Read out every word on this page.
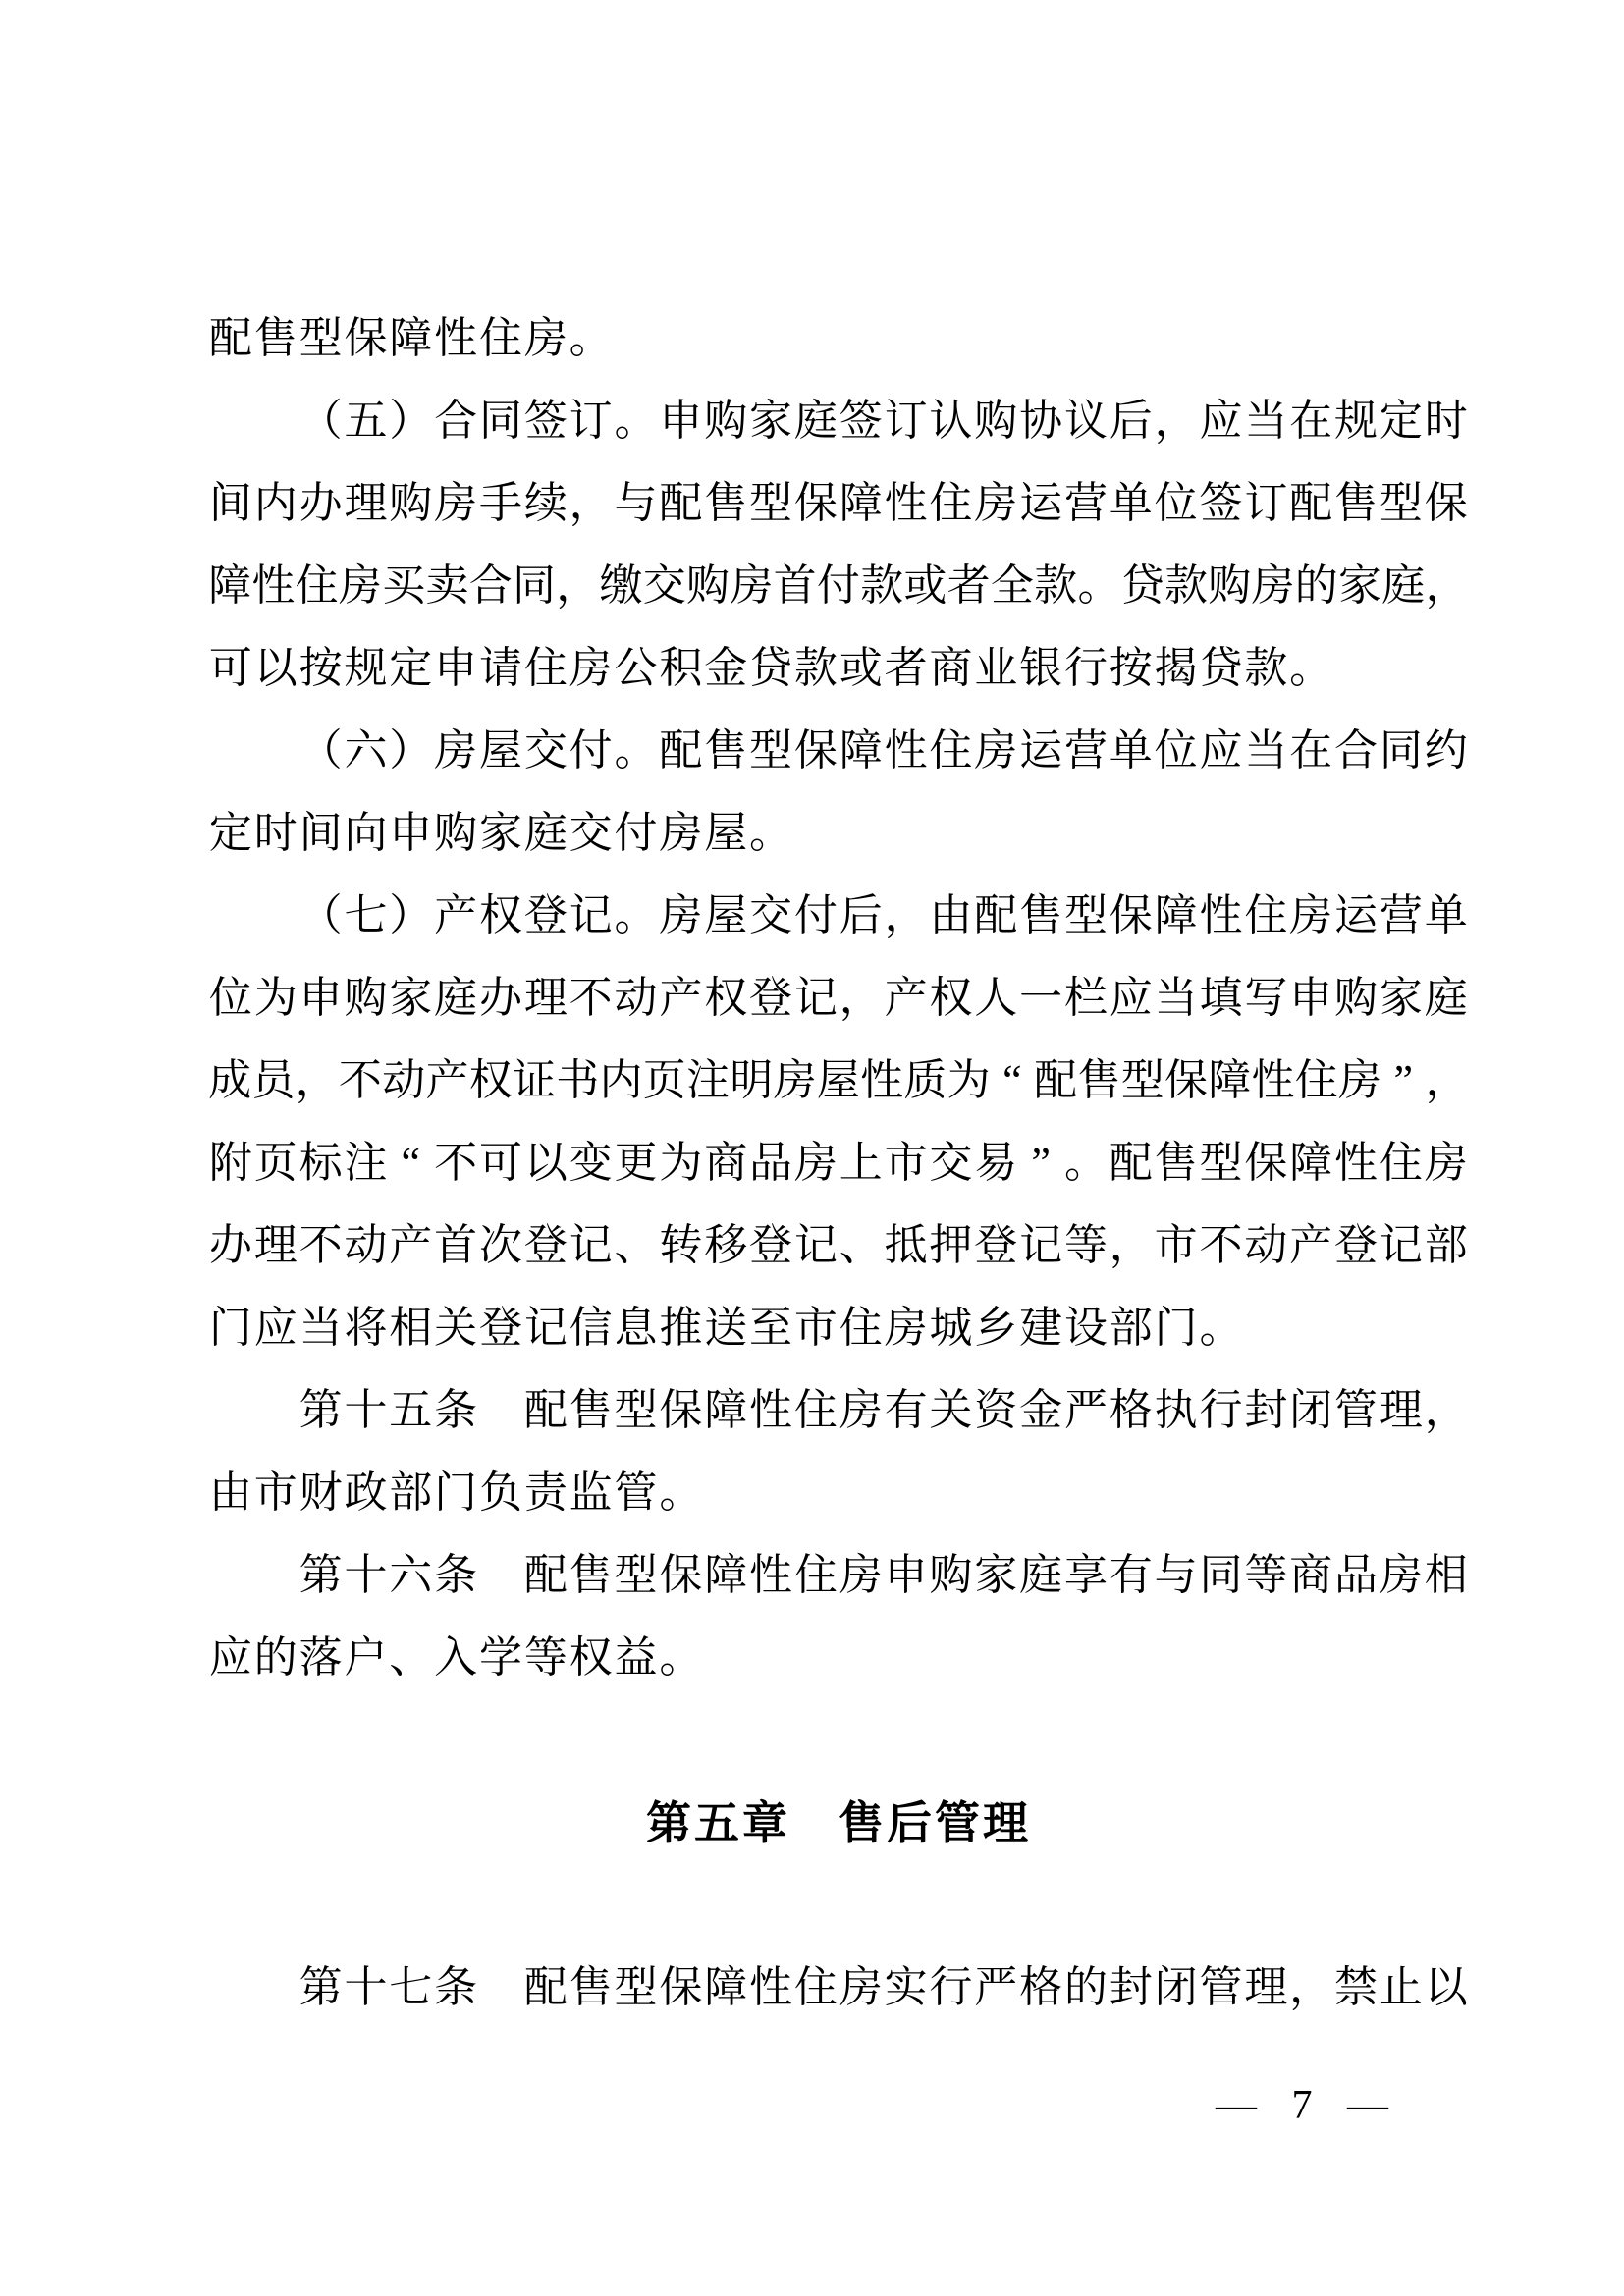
配售型保障性住房。
　　（五）合同签订。申购家庭签订认购协议后，应当在规定时
间内办理购房手续，与配售型保障性住房运营单位签订配售型保
障性住房买卖合同，缴交购房首付款或者全款。贷款购房的家庭，
可以按规定申请住房公积金贷款或者商业银行按揭贷款。
　　（六）房屋交付。配售型保障性住房运营单位应当在合同约
定时间向申购家庭交付房屋。
　　（七）产权登记。房屋交付后，由配售型保障性住房运营单
位为申购家庭办理不动产权登记，产权人一栏应当填写申购家庭
成员，不动产权证书内页注明房屋性质为 “ 配售型保障性住房 ” ，
附页标注 “ 不可以变更为商品房上市交易 ” 。配售型保障性住房
办理不动产首次登记、转移登记、抵押登记等，市不动产登记部
门应当将相关登记信息推送至市住房城乡建设部门。
　　第十五条　 配售型保障性住房有关资金严格执行封闭管理，
由市财政部门负责监管。
　　第十六条　 配售型保障性住房申购家庭享有与同等商品房相
应的落户、入学等权益。
第五章　售后管理
　　第十七条　 配售型保障性住房实行严格的封闭管理，禁止以
— 7 —
